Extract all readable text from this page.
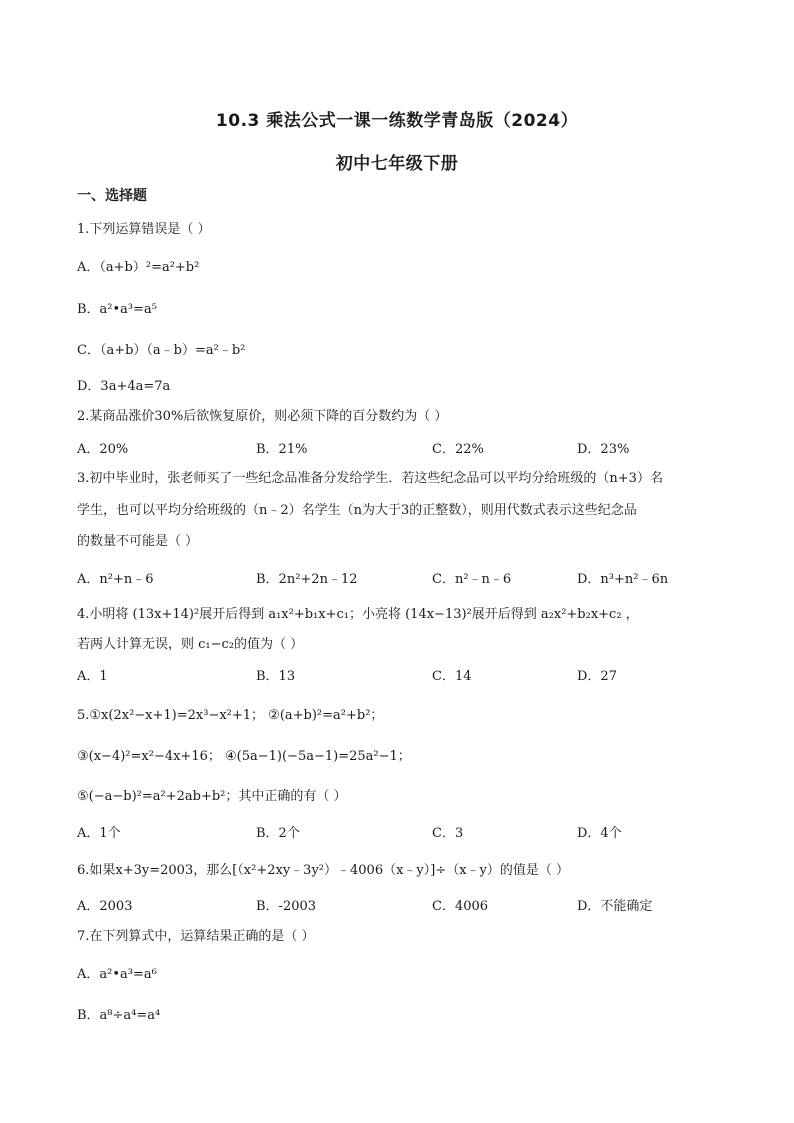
10.3 乘法公式一课一练数学青岛版（2024）
初中七年级下册
一、选择题
1.下列运算错误是（ ）
A．（a+b）²=a²+b²
B．a²•a³=a⁵
C．（a+b）（a﹣b）=a²﹣b²
D．3a+4a=7a
2.某商品涨价30%后欲恢复原价，则必须下降的百分数约为（ ）
A．20%	B．21%	C．22%	D．23%
3.初中毕业时，张老师买了一些纪念品准备分发给学生．若这些纪念品可以平均分给班级的（n+3）名
学生，也可以平均分给班级的（n﹣2）名学生（n为大于3的正整数），则用代数式表示这些纪念品
的数量不可能是（ ）
A．n²+n﹣6	B．2n²+2n﹣12	C．n²﹣n﹣6	D．n³+n²﹣6n
4.小明将 (13x+14)²展开后得到 a₁x²+b₁x+c₁；小亮将 (14x−13)²展开后得到 a₂x²+b₂x+c₂ ，
若两人计算无误，则 c₁−c₂的值为（ ）
A．1	B．13	C．14	D．27
5.①x(2x²−x+1)=2x³−x²+1； ②(a+b)²=a²+b²；
③(x−4)²=x²−4x+16； ④(5a−1)(−5a−1)=25a²−1；
⑤(−a−b)²=a²+2ab+b²；其中正确的有（ ）
A．1个	B．2个	C．3	D．4个
6.如果x+3y=2003，那么[（x²+2xy﹣3y²）﹣4006（x﹣y）]÷（x﹣y）的值是（ ）
A．2003	B．-2003	C．4006	D．不能确定
7.在下列算式中，运算结果正确的是（ ）
A．a²•a³=a⁶
B．a⁸÷a⁴=a⁴
